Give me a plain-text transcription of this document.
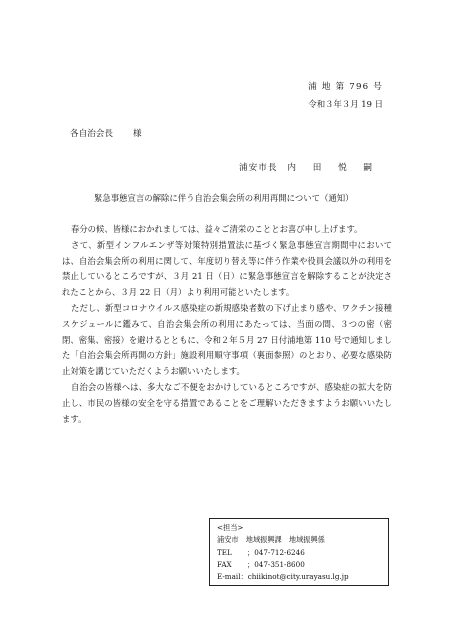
浦 地 第 796 号
令和３年３月 19 日
各自治会長 様
浦安市長 内 田 悦 嗣
緊急事態宣言の解除に伴う自治会集会所の利用再開について（通知）

春分の候、皆様におかれましては、益々ご清栄のこととお喜び申し上げます。

さて、新型インフルエンザ等対策特別措置法に基づく緊急事態宣言期間中においては、自治会集会所の利用に関して、年度切り替え等に伴う作業や役員会議以外の利用を禁止しているところですが、３月 21 日（日）に緊急事態宣言を解除することが決定されたことから、３月 22 日（月）より利用可能といたします。

ただし、新型コロナウイルス感染症の新規感染者数の下げ止まり感や、ワクチン接種スケジュールに鑑みて、自治会集会所の利用にあたっては、当面の間、３つの密（密閉、密集、密接）を避けるとともに、令和２年５月 27 日付浦地第 110 号で通知しました「自治会集会所再開の方針」施設利用順守事項（裏面参照）のとおり、必要な感染防止対策を講じていただくようお願いいたします。

自治会の皆様へは、多大なご不便をおかけしているところですが、感染症の拡大を防止し、市民の皆様の安全を守る措置であることをご理解いただきますようお願いいたします。

<担当>
浦安市　地域振興課　地域振興係
TEL ；047-712-6246
FAX ；047-351-8600
E-mail：chiikinot@city.urayasu.lg.jp
